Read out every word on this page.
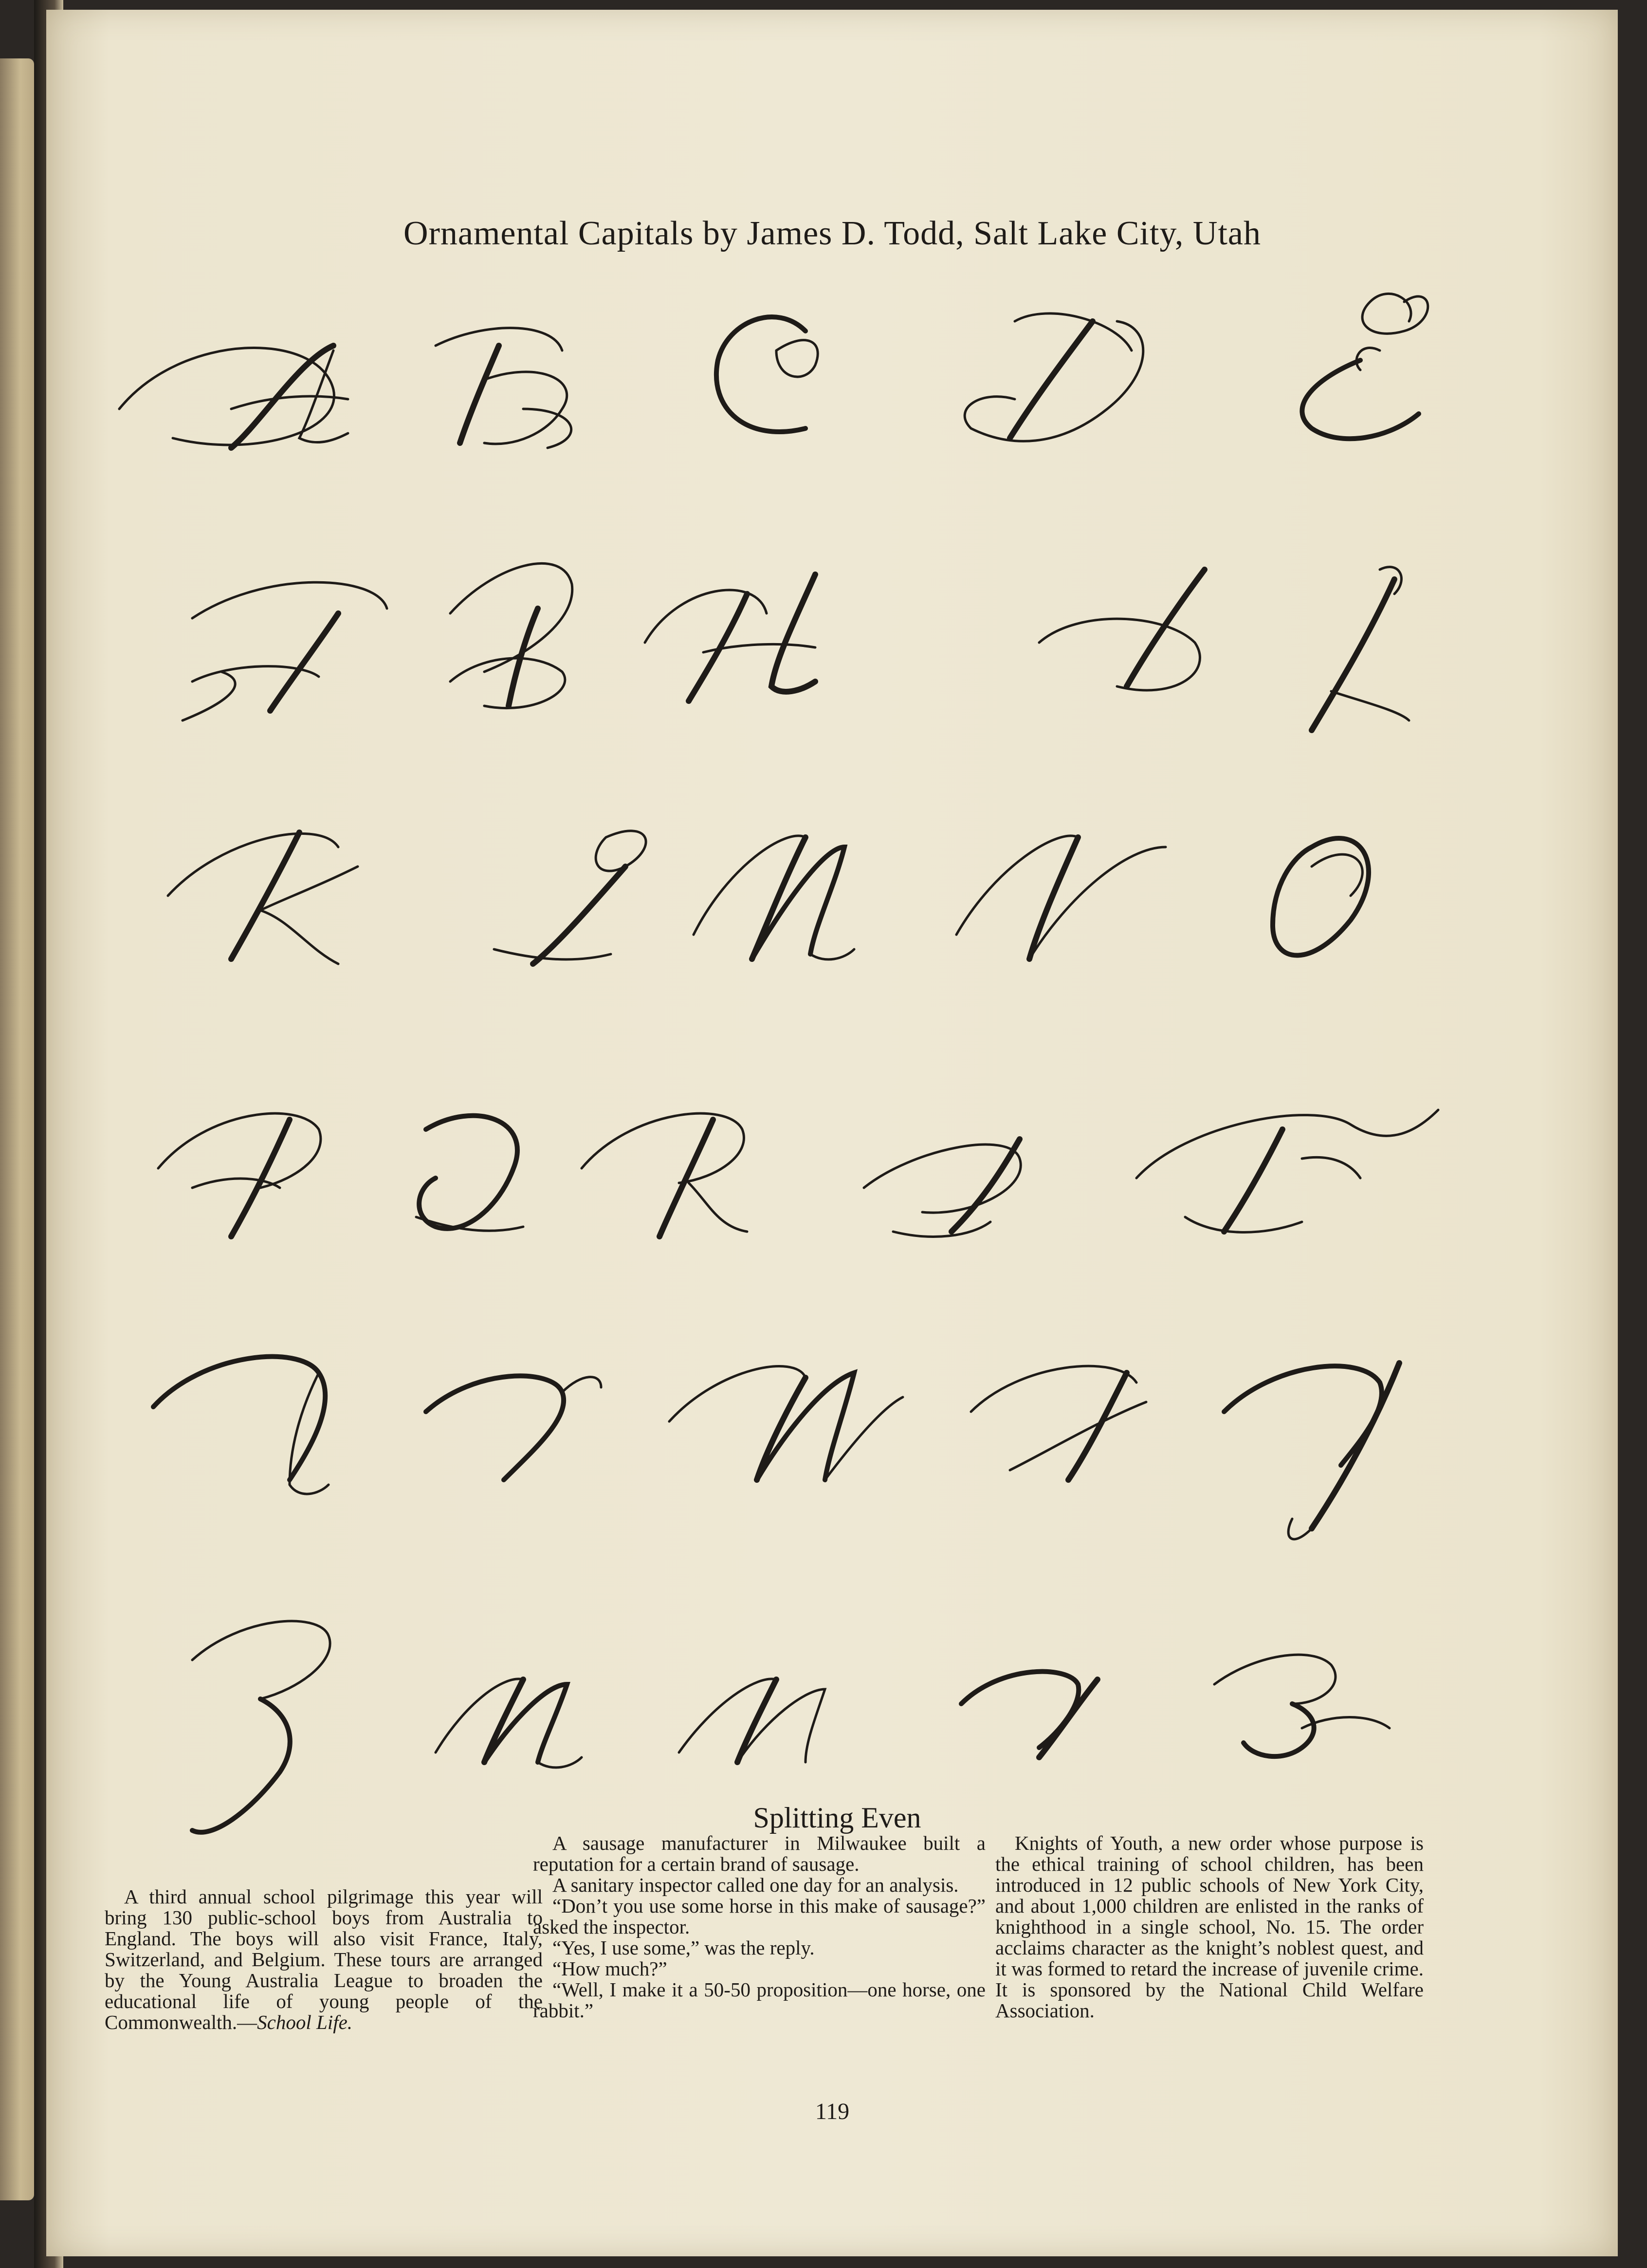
Ornamental Capitals by James D. Todd, Salt Lake City, Utah
Splitting Even

A third annual school pilgrimage this year will bring 130 public-school boys from Australia to England. The boys will also visit France, Italy, Switzerland, and Belgium. These tours are arranged by the Young Australia League to broaden the educational life of young people of the Commonwealth.—School Life.

A sausage manufacturer in Milwaukee built a reputation for a certain brand of sausage.

A sanitary inspector called one day for an analysis.

“Don’t you use some horse in this make of sausage?” asked the inspector.

“Yes, I use some,” was the reply.

“How much?”

“Well, I make it a 50-50 proposition—one horse, one rabbit.”

Knights of Youth, a new order whose purpose is the ethical training of school children, has been introduced in 12 public schools of New York City, and about 1,000 children are enlisted in the ranks of knighthood in a single school, No. 15. The order acclaims character as the knight’s noblest quest, and it was formed to retard the increase of juvenile crime. It is sponsored by the National Child Welfare Association.

119
